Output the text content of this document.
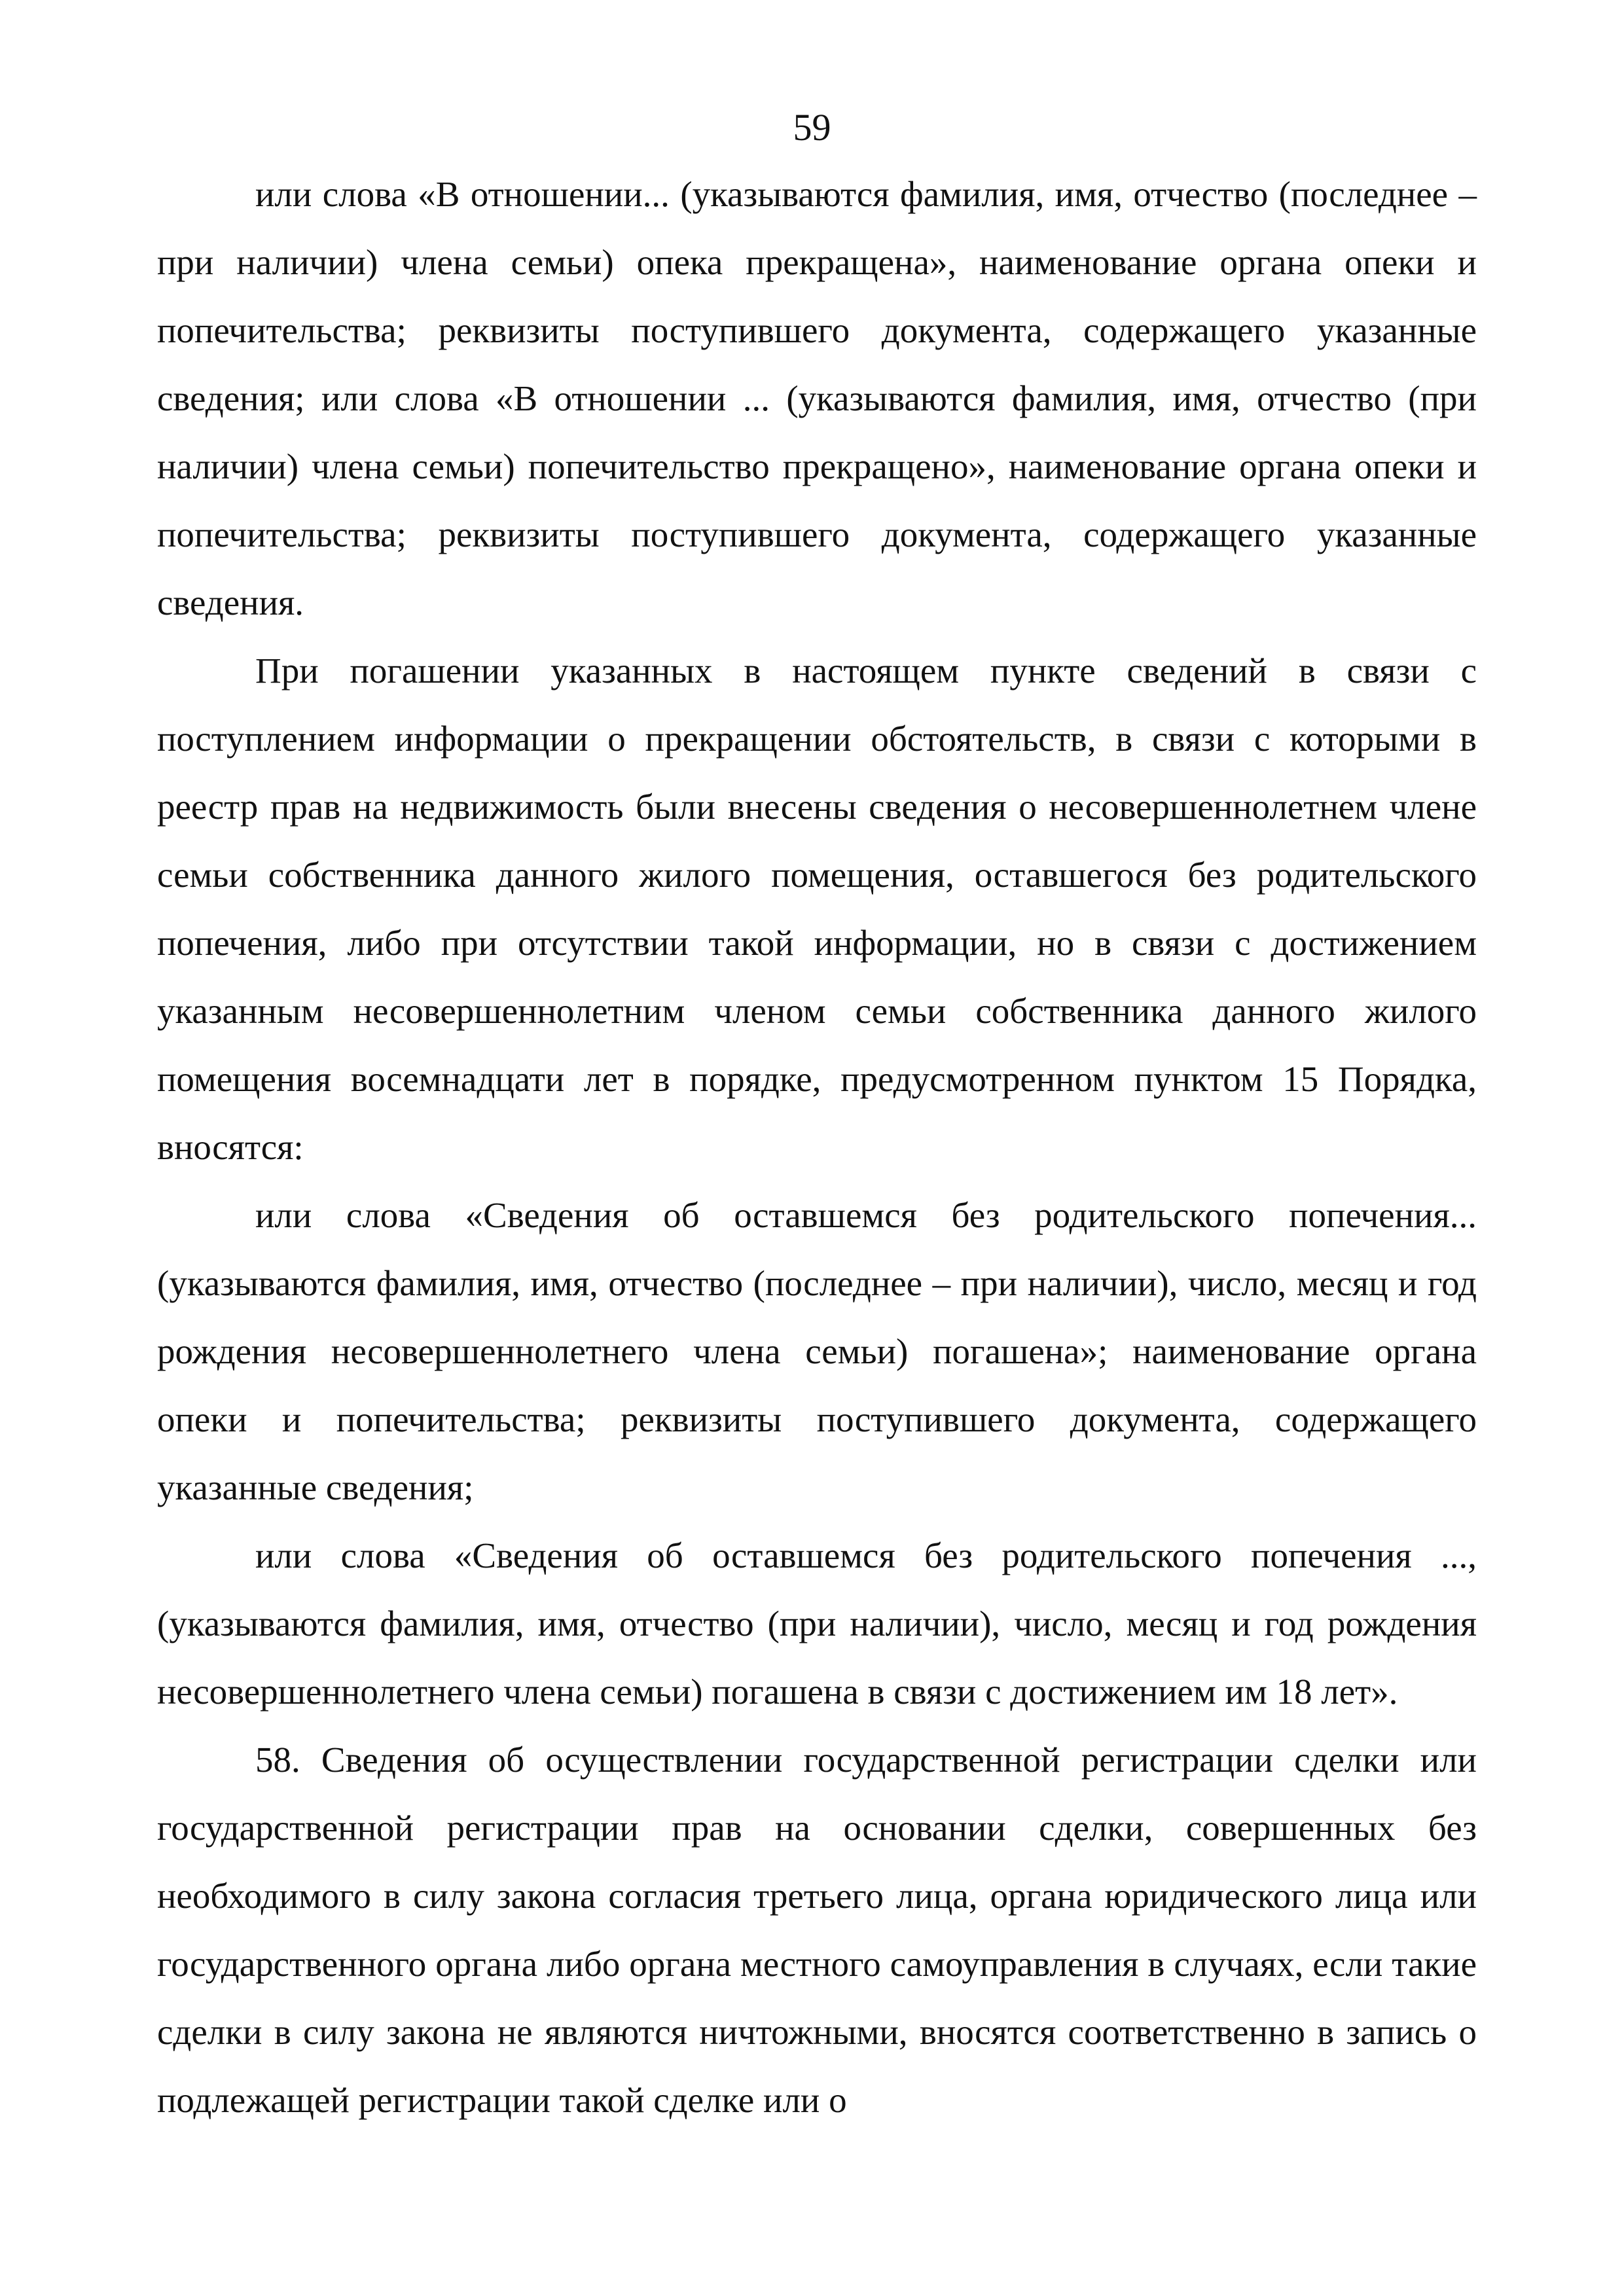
59

или слова «В отношении... (указываются фамилия, имя, отчество (последнее – при наличии) члена семьи) опека прекращена», наименование органа опеки и попечительства; реквизиты поступившего документа, содержащего указанные сведения; или слова «В отношении ... (указываются фамилия, имя, отчество (при наличии) члена семьи) попечительство прекращено», наименование органа опеки и попечительства; реквизиты поступившего документа, содержащего указанные сведения.

При погашении указанных в настоящем пункте сведений в связи с поступлением информации о прекращении обстоятельств, в связи с которыми в реестр прав на недвижимость были внесены сведения о несовершеннолетнем члене семьи собственника данного жилого помещения, оставшегося без родительского попечения, либо при отсутствии такой информации, но в связи с достижением указанным несовершеннолетним членом семьи собственника данного жилого помещения восемнадцати лет в порядке, предусмотренном пунктом 15 Порядка, вносятся:

или слова «Сведения об оставшемся без родительского попечения... (указываются фамилия, имя, отчество (последнее – при наличии), число, месяц и год рождения несовершеннолетнего члена семьи) погашена»; наименование органа опеки и попечительства; реквизиты поступившего документа, содержащего указанные сведения;

или слова «Сведения об оставшемся без родительского попечения ..., (указываются фамилия, имя, отчество (при наличии), число, месяц и год рождения несовершеннолетнего члена семьи) погашена в связи с достижением им 18 лет».

58. Сведения об осуществлении государственной регистрации сделки или государственной регистрации прав на основании сделки, совершенных без необходимого в силу закона согласия третьего лица, органа юридического лица или государственного органа либо органа местного самоуправления в случаях, если такие сделки в силу закона не являются ничтожными, вносятся соответственно в запись о подлежащей регистрации такой сделке или о
